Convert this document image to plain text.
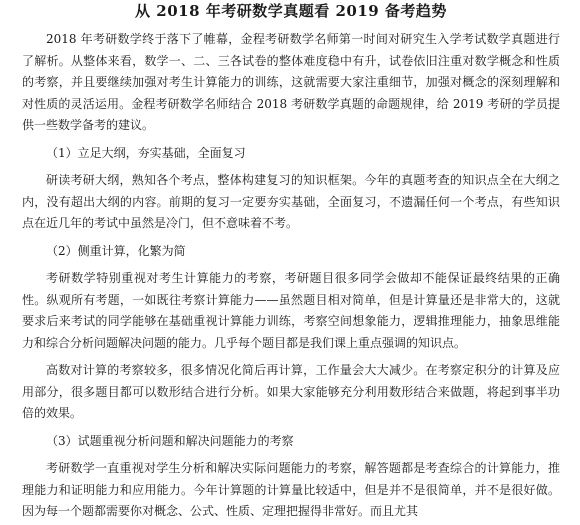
从 2018 年考研数学真题看 2019 备考趋势

2018 年考研数学终于落下了帷幕，金程考研数学名师第一时间对研究生入学考试数学真题进行了解析。从整体来看，数学一、二、三各试卷的整体难度稳中有升，试卷依旧注重对数学概念和性质的考察，并且要继续加强对考生计算能力的训练，这就需要大家注重细节，加强对概念的深刻理解和对性质的灵活运用。金程考研数学名师结合 2018 考研数学真题的命题规律，给 2019 考研的学员提供一些数学备考的建议。

（1）立足大纲，夯实基础，全面复习

研读考研大纲，熟知各个考点，整体构建复习的知识框架。今年的真题考查的知识点全在大纲之内，没有超出大纲的内容。前期的复习一定要夯实基础，全面复习，不遗漏任何一个考点，有些知识点在近几年的考试中虽然是冷门，但不意味着不考。

（2）侧重计算，化繁为简

考研数学特别重视对考生计算能力的考察，考研题目很多同学会做却不能保证最终结果的正确性。纵观所有考题，一如既往考察计算能力——虽然题目相对简单，但是计算量还是非常大的，这就要求后来考试的同学能够在基础重视计算能力训练，考察空间想象能力，逻辑推理能力，抽象思维能力和综合分析问题解决问题的能力。几乎每个题目都是我们课上重点强调的知识点。

高数对计算的考察较多，很多情况化简后再计算，工作量会大大减少。在考察定积分的计算及应用部分，很多题目都可以数形结合进行分析。如果大家能够充分利用数形结合来做题，将起到事半功倍的效果。

（3）试题重视分析问题和解决问题能力的考察

考研数学一直重视对学生分析和解决实际问题能力的考察，解答题都是考查综合的计算能力，推理能力和证明能力和应用能力。今年计算题的计算量比较适中，但是并不是很简单，并不是很好做。因为每一个题都需要你对概念、公式、性质、定理把握得非常好。而且尤其
